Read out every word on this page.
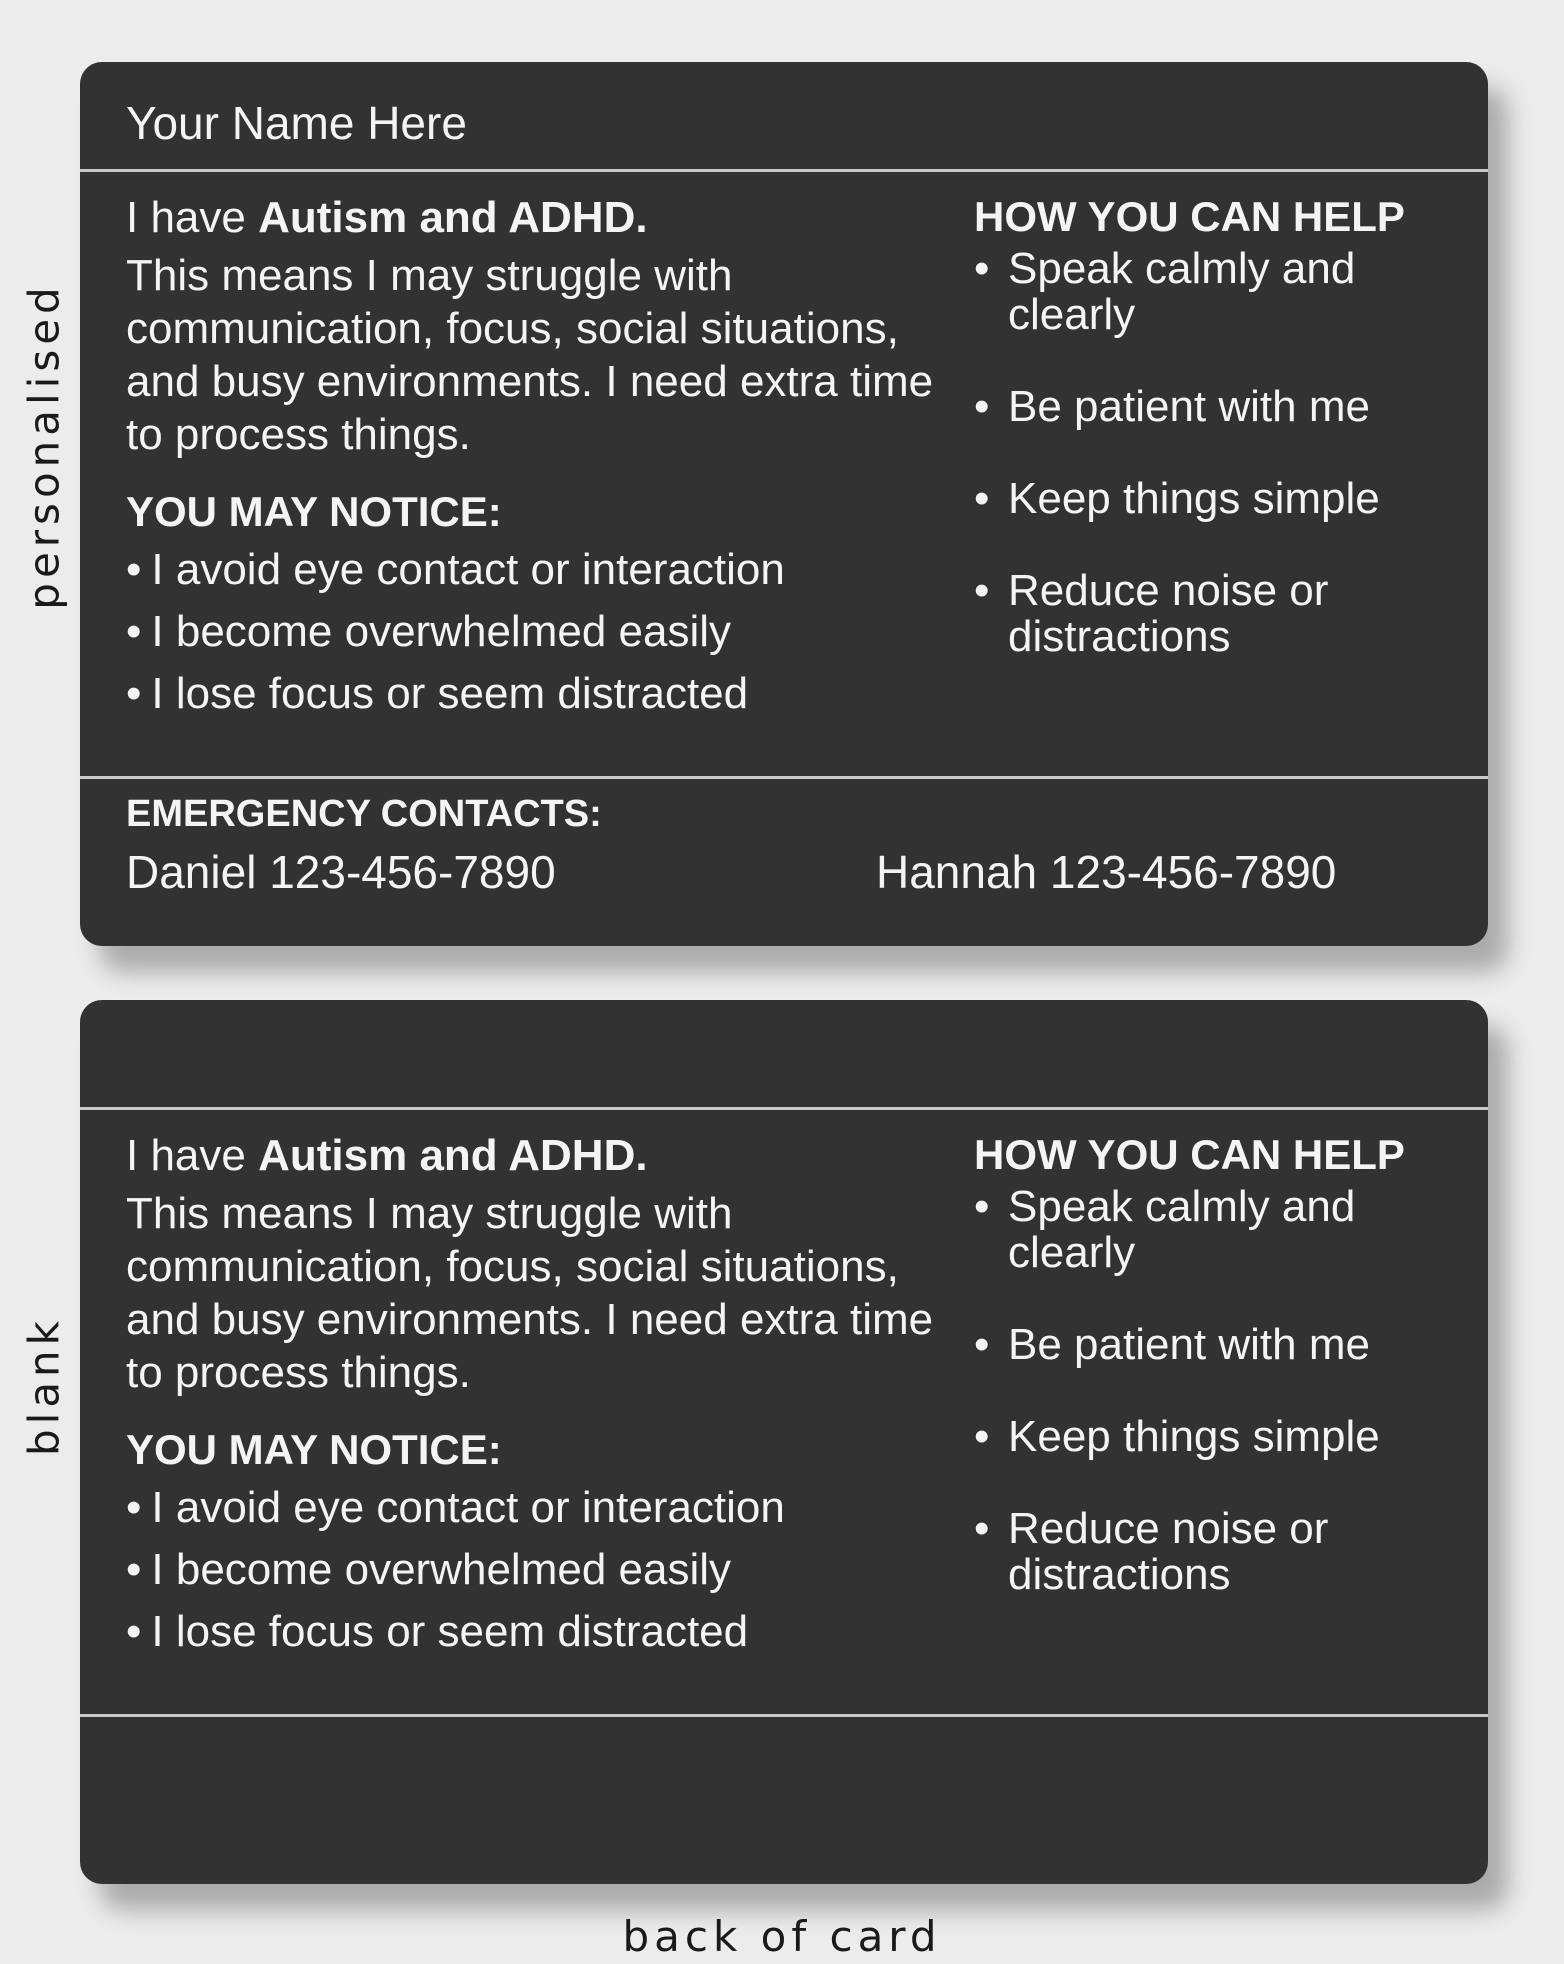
personalised
blank
Your Name Here

I have Autism and ADHD.

This means I may struggle with communication, focus, social situations, and busy environments. I need extra time to process things.

YOU MAY NOTICE:
• I avoid eye contact or interaction
• I become overwhelmed easily
• I lose focus or seem distracted
HOW YOU CAN HELP
• Speak calmly and clearly
• Be patient with me
• Keep things simple
• Reduce noise or distractions
EMERGENCY CONTACTS:
Daniel 123-456-7890	Hannah 123-456-7890

I have Autism and ADHD.

This means I may struggle with communication, focus, social situations, and busy environments. I need extra time to process things.

YOU MAY NOTICE:
• I avoid eye contact or interaction
• I become overwhelmed easily
• I lose focus or seem distracted
HOW YOU CAN HELP
• Speak calmly and clearly
• Be patient with me
• Keep things simple
• Reduce noise or distractions
back of card
